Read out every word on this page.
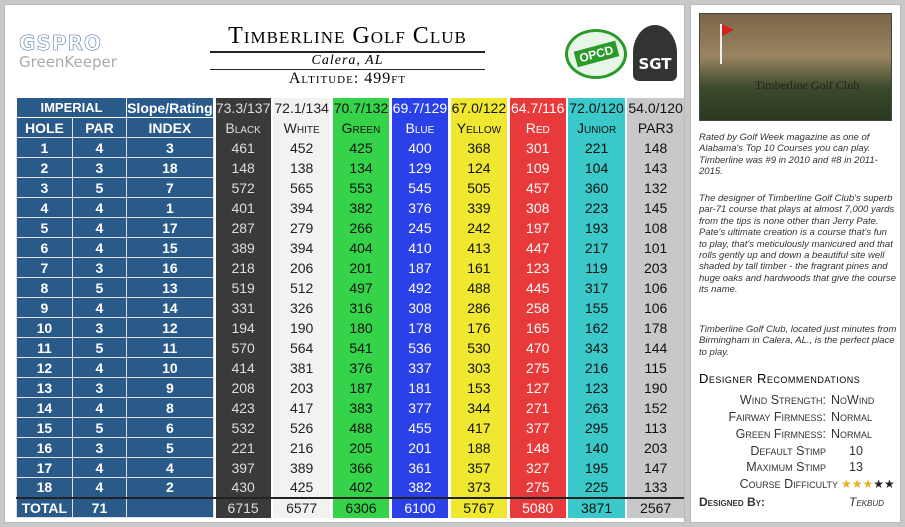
GSPRO
GreenKeeper
Timberline Golf Club
Calera, AL
Altitude: 499ft
OPCD SGT
IMPERIAL		Slope/Rating		73.3/137		72.1/134		70.7/132		69.7/129		67.0/122		64.7/116		72.0/120		54.0/120
HOLE	PAR	INDEX		Black		White		Green		Blue		Yellow		Red		Junior		PAR3
1	4	3		461		452		425		400		368		301		221		148
2	3	18		148		138		134		129		124		109		104		143
3	5	7		572		565		553		545		505		457		360		132
4	4	1		401		394		382		376		339		308		223		145
5	4	17		287		279		266		245		242		197		193		108
6	4	15		389		394		404		410		413		447		217		101
7	3	16		218		206		201		187		161		123		119		203
8	5	13		519		512		497		492		488		445		317		106
9	4	14		331		326		316		308		286		258		155		106
10	3	12		194		190		180		178		176		165		162		178
11	5	11		570		564		541		536		530		470		343		144
12	4	10		414		381		376		337		303		275		216		115
13	3	9		208		203		187		181		153		127		123		190
14	4	8		423		417		383		377		344		271		263		152
15	5	6		532		526		488		455		417		377		295		113
16	3	5		221		216		205		201		188		148		140		203
17	4	4		397		389		366		361		357		327		195		147
18	4	2		430		425		402		382		373		275		225		133
TOTAL	71			6715		6577		6306		6100		5767		5080		3871		2567
Timberline Golf Club
Rated by Golf Week magazine as one of Alabama's Top 10 Courses you can play. Timberline was #9 in 2010 and #8 in 2011-2015.
The designer of Timberline Golf Club's superb par-71 course that plays at almost 7,000 yards from the tips is none other than Jerry Pate. Pate's ultimate creation is a course that's fun to play, that's meticulously manicured and that rolls gently up and down a beautiful site well shaded by tall timber - the fragrant pines and huge oaks and hardwoods that give the course its name.
Timberline Golf Club, located just minutes from Birmingham in Calera, AL., is the perfect place to play.
Designer Recommendations
Wind Strength: NoWind
Fairway Firmness: Normal
Green Firmness: Normal
Default Stimp 10
Maximum Stimp 13
Course Difficulty ★★★★★
Designed By:	Tekbud
